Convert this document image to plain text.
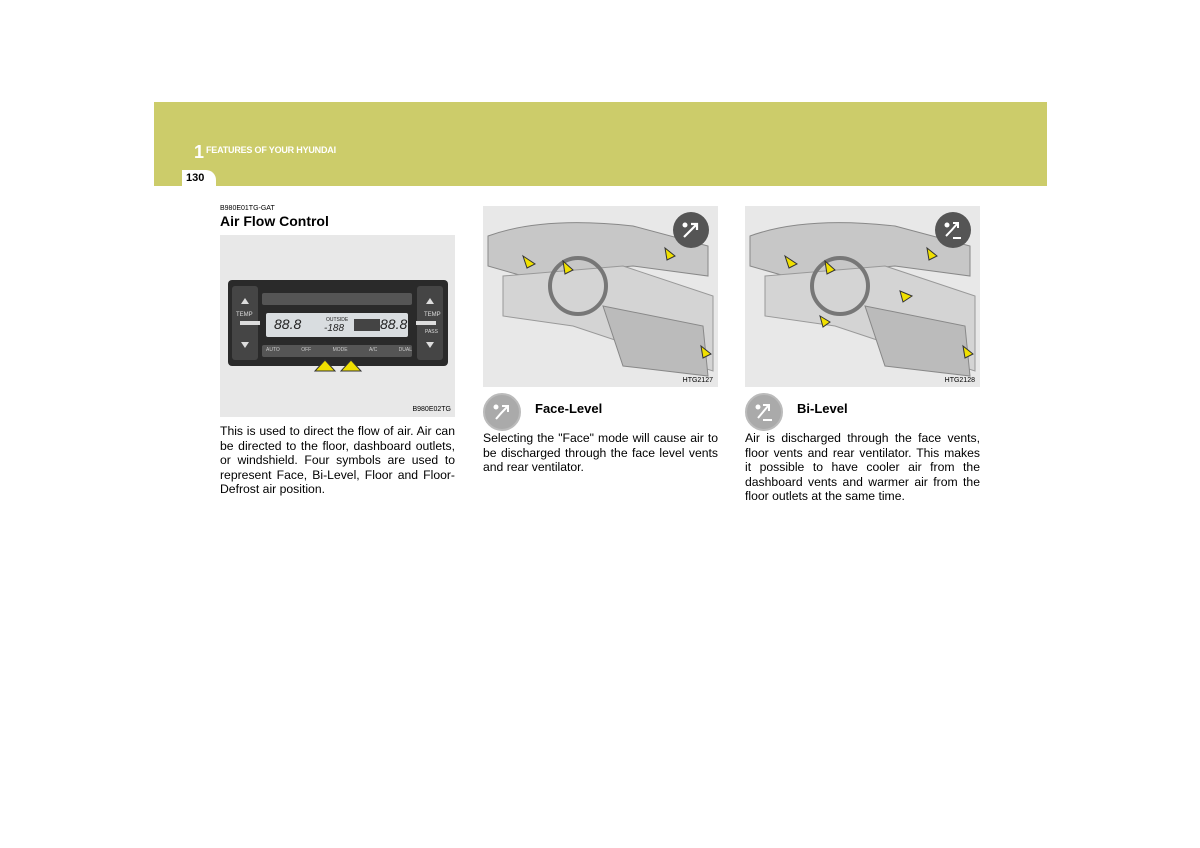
1 FEATURES OF YOUR HYUNDAI
130
B980E01TG-GAT
Air Flow Control
TEMP	TEMP
PASS
88.8	OUTSIDE
-188	88.8
AUTO	OFF	MODE	A/C	DUAL
B980E02TG
This is used to direct the flow of air. Air can be directed to the floor, dashboard outlets, or windshield. Four symbols are used to represent Face, Bi-Level, Floor and Floor-Defrost air position.
HTG2127
Face-Level
Selecting the "Face" mode will cause air to be discharged through the face level vents and rear ventilator.
HTG2128
Bi-Level
Air is discharged through the face vents, floor vents and rear ventilator. This makes it possible to have cooler air from the dashboard vents and warmer air from the floor outlets at the same time.
